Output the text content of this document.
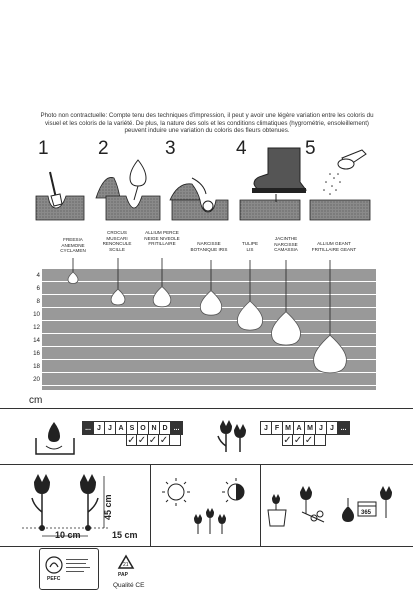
Photo non contractuelle: Compte tenu des techniques d'impression, il peut y avoir une légère variation entre les coloris du visuel et les coloris de la variété. De plus, la nature des sols et les conditions climatiques (hygrométrie, ensoleillement) peuvent induire une variation du coloris des fleurs obtenues.
1	2	3	4	5
4
6
8
10
12
14
16
18
20
cm
FREESIA ANEMONE CYCLAMEN
CROCUS MUSCARI RENONCULE SCILLE
ALLIUM PERCE NEIGE NIVEOLE FRITILLAIRE	NARCISSE BOTANIQUE IRIS
TULIPE LIS
JACINTHE NARCISSE CAMASSIA
ALLIUM GEANT FRITILLAIRE GEANT
... J	J A S O N D ...
✓ ✓ ✓ ✓
J F M A M J	J ...
✓ ✓ ✓
45 cm
10 cm	15 cm
365
PEFC
21
PAP
Qualité CE
